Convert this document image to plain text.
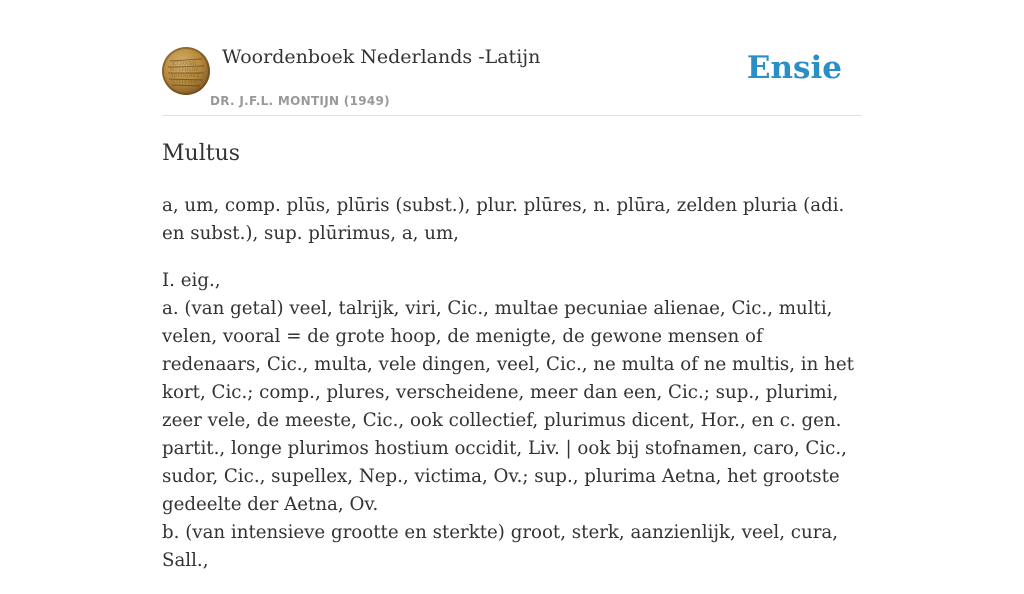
KTIRNMI
NTTPRSIN
ARMNIRET
NTITSMN
Woordenboek Nederlands -Latijn
DR. J.F.L. MONTIJN (1949)
Ensie
Multus

a, um, comp. plūs, plūris (subst.), plur. plūres, n. plūra, zelden pluria (adi. en subst.), sup. plūrimus, a, um,

I. eig.,
a. (van getal) veel, talrijk, viri, Cic., multae pecuniae alienae, Cic., multi, velen, vooral = de grote hoop, de menigte, de gewone mensen of redenaars, Cic., multa, vele dingen, veel, Cic., ne multa of ne multis, in het kort, Cic.; comp., plures, verscheidene, meer dan een, Cic.; sup., plurimi, zeer vele, de meeste, Cic., ook collectief, plurimus dicent, Hor., en c. gen. partit., longe plurimos hostium occidit, Liv. | ook bij stofnamen, caro, Cic., sudor, Cic., supellex, Nep., victima, Ov.; sup., plurima Aetna, het grootste gedeelte der Aetna, Ov.
b. (van intensieve grootte en sterkte) groot, sterk, aanzienlijk, veel, cura, Sall.,
